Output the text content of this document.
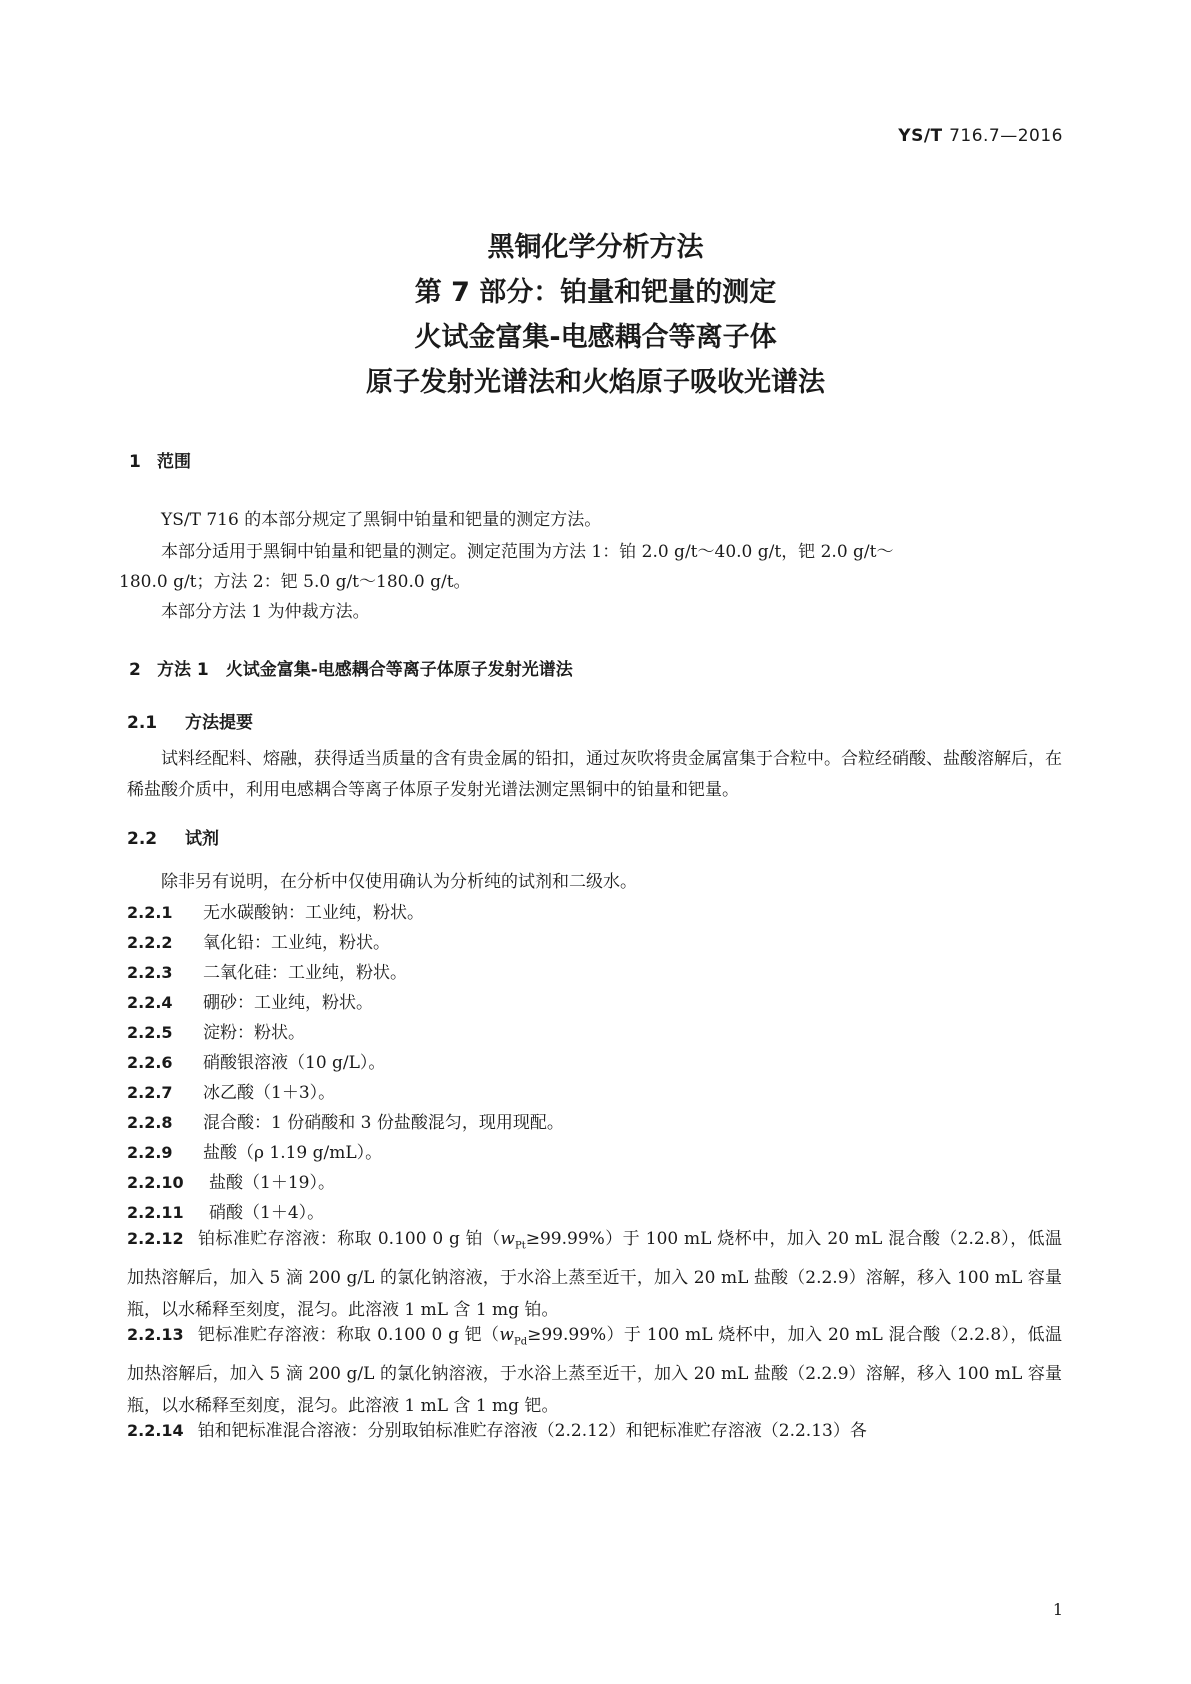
YS/T 716.7—2016
黑铜化学分析方法
第 7 部分：铂量和钯量的测定
火试金富集-电感耦合等离子体
原子发射光谱法和火焰原子吸收光谱法
1 范围
YS/T 716 的本部分规定了黑铜中铂量和钯量的测定方法。
本部分适用于黑铜中铂量和钯量的测定。测定范围为方法 1：铂 2.0 g/t～40.0 g/t，钯 2.0 g/t～
180.0 g/t；方法 2：钯 5.0 g/t～180.0 g/t。
本部分方法 1 为仲裁方法。
2 方法 1　火试金富集-电感耦合等离子体原子发射光谱法
2.1 方法提要
试料经配料、熔融，获得适当质量的含有贵金属的铅扣，通过灰吹将贵金属富集于合粒中。合粒经硝酸、盐酸溶解后，在稀盐酸介质中，利用电感耦合等离子体原子发射光谱法测定黑铜中的铂量和钯量。
2.2 试剂
除非另有说明，在分析中仅使用确认为分析纯的试剂和二级水。
2.2.1 无水碳酸钠：工业纯，粉状。
2.2.2 氧化铅：工业纯，粉状。
2.2.3 二氧化硅：工业纯，粉状。
2.2.4 硼砂：工业纯，粉状。
2.2.5 淀粉：粉状。
2.2.6 硝酸银溶液（10 g/L）。
2.2.7 冰乙酸（1＋3）。
2.2.8 混合酸：1 份硝酸和 3 份盐酸混匀，现用现配。
2.2.9 盐酸（ρ 1.19 g/mL）。
2.2.10 盐酸（1＋19）。
2.2.11 硝酸（1＋4）。
2.2.12 铂标准贮存溶液：称取 0.100 0 g 铂$(w_{Pt}\ge 99.99\%)$于 100 mL 烧杯中，加入 20 mL 混合酸（2.2.8），低温加热溶解后，加入 5 滴 200 g/L 的氯化钠溶液，于水浴上蒸至近干，加入 20 mL 盐酸（2.2.9）溶解，移入 100 mL 容量瓶，以水稀释至刻度，混匀。此溶液 1 mL 含 1 mg 铂。
2.2.13 钯标准贮存溶液：称取 0.100 0 g 钯$(w_{Pd}\ge 99.99\%)$于 100 mL 烧杯中，加入 20 mL 混合酸（2.2.8），低温加热溶解后，加入 5 滴 200 g/L 的氯化钠溶液，于水浴上蒸至近干，加入 20 mL 盐酸（2.2.9）溶解，移入 100 mL 容量瓶，以水稀释至刻度，混匀。此溶液 1 mL 含 1 mg 钯。
2.2.14 铂和钯标准混合溶液：分别取铂标准贮存溶液（2.2.12）和钯标准贮存溶液（2.2.13）各
1
